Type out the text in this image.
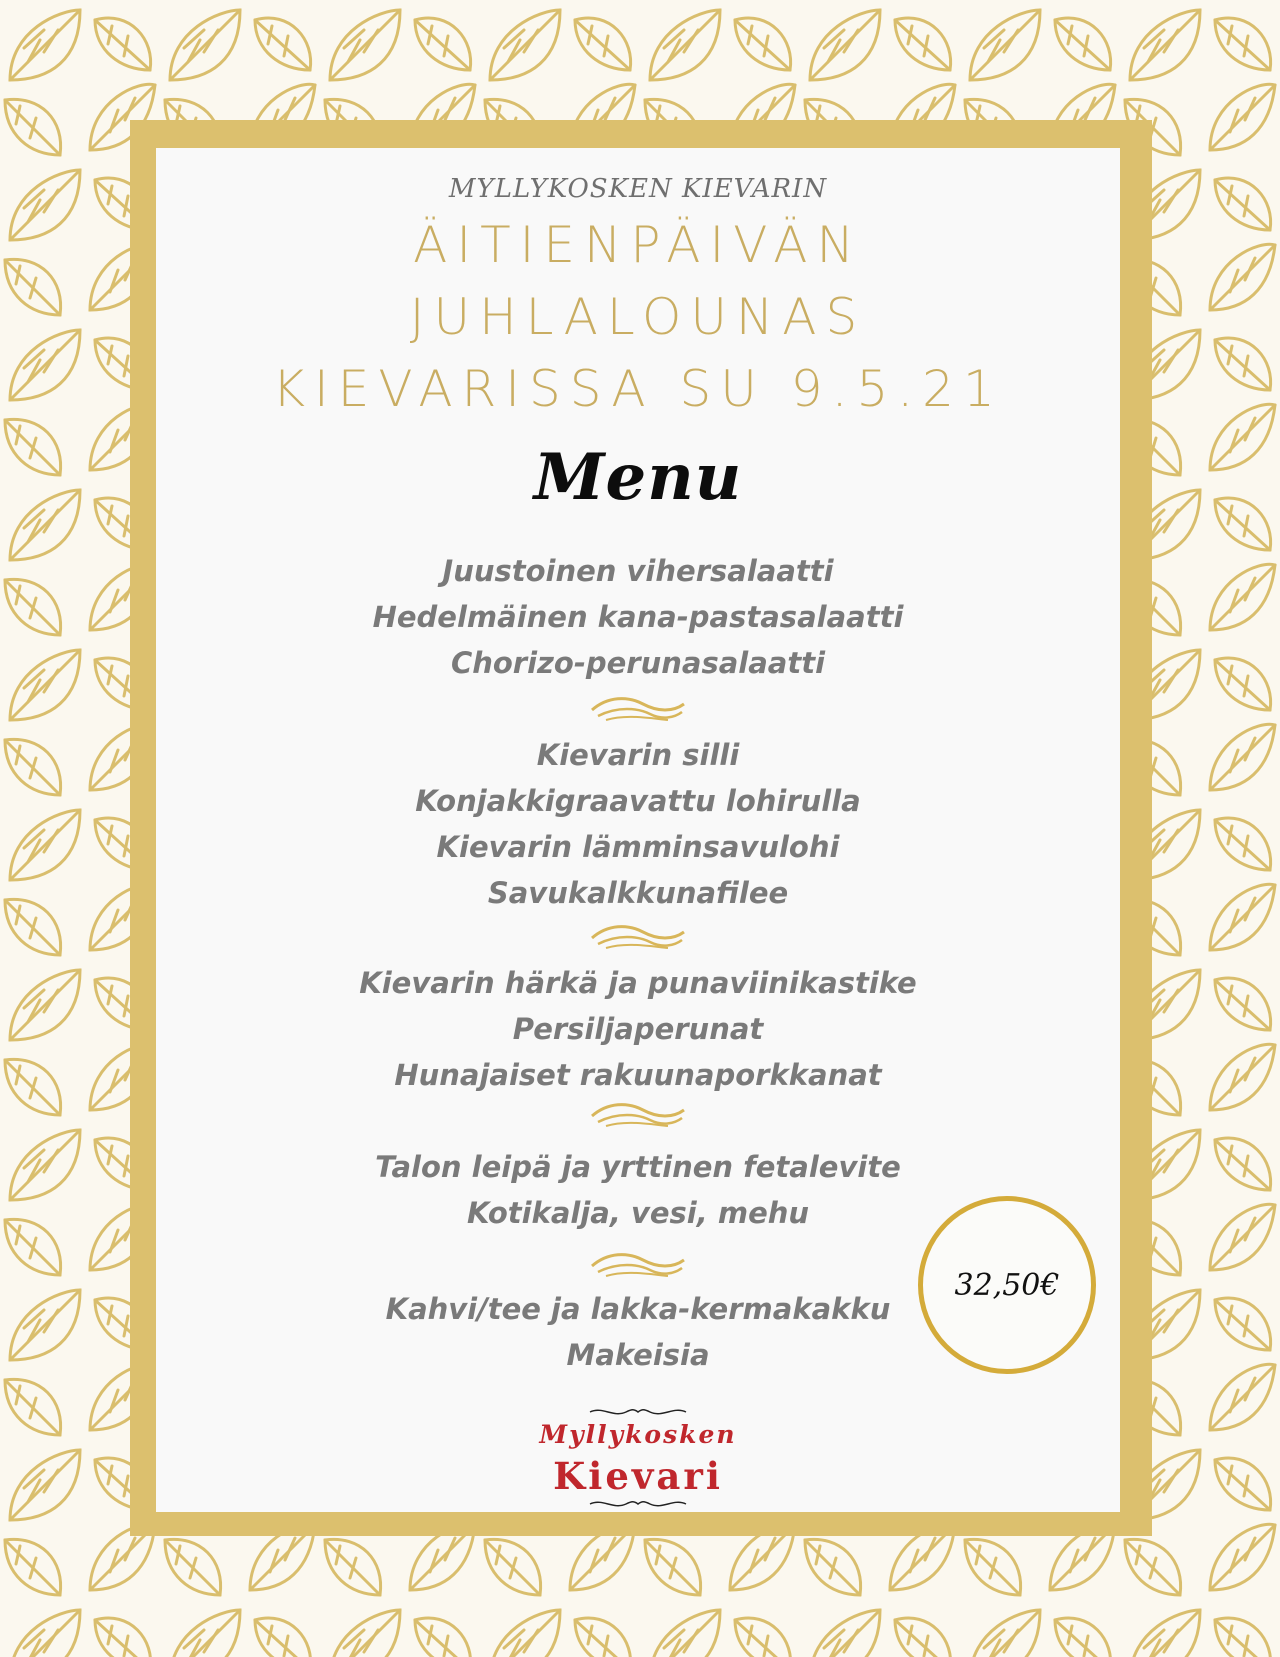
MYLLYKOSKEN KIEVARIN
ÄITIENPÄIVÄN
JUHLALOUNAS
KIEVARISSA SU 9.5.21
Menu
Juustoinen vihersalaatti
Hedelmäinen kana-pastasalaatti
Chorizo-perunasalaatti
Kievarin silli
Konjakkigraavattu lohirulla
Kievarin lämminsavulohi
Savukalkkunafilee
Kievarin härkä ja punaviinikastike
Persiljaperunat
Hunajaiset rakuunaporkkanat
Talon leipä ja yrttinen fetalevite
Kotikalja, vesi, mehu
Kahvi/tee ja lakka-kermakakku
Makeisia
32,50€
Myllykosken
Kievari
